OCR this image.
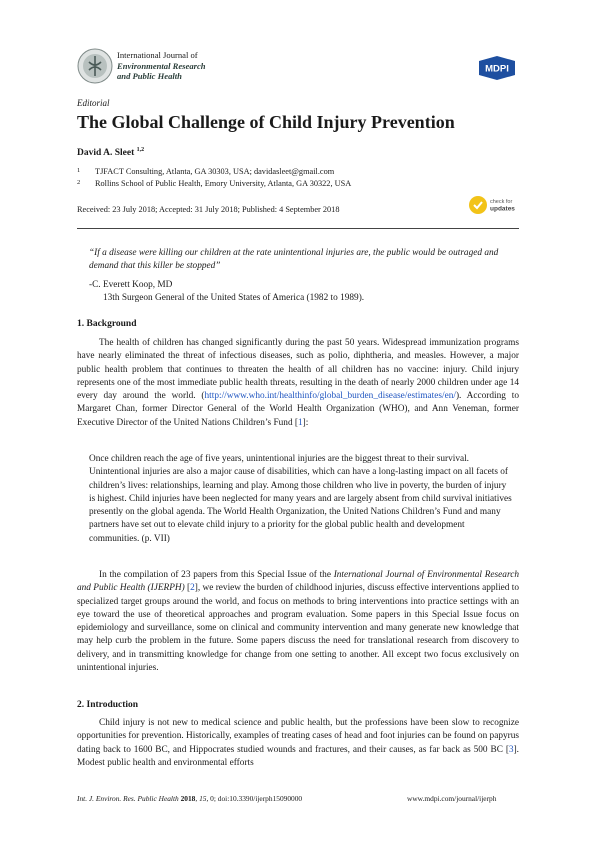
International Journal of
Environmental Research
and Public Health
MDPI
Editorial
The Global Challenge of Child Injury Prevention
David A. Sleet $^{1,2}$
1 TJFACT Consulting, Atlanta, GA 30303, USA; davidasleet@gmail.com
2 Rollins School of Public Health, Emory University, Atlanta, GA 30322, USA
Received: 23 July 2018; Accepted: 31 July 2018; Published: 4 September 2018
check for
updates
“If a disease were killing our children at the rate unintentional injuries are, the public would be outraged and demand that this killer be stopped”
-C. Everett Koop, MD
13th Surgeon General of the United States of America (1982 to 1989).
1. Background
The health of children has changed significantly during the past 50 years. Widespread immunization programs have nearly eliminated the threat of infectious diseases, such as polio, diphtheria, and measles. However, a major public health problem that continues to threaten the health of all children has no vaccine: injury. Child injury represents one of the most immediate public health threats, resulting in the death of nearly 2000 children under age 14 every day around the world. (http://www.who.int/healthinfo/global_burden_disease/estimates/en/). According to Margaret Chan, former Director General of the World Health Organization (WHO), and Ann Veneman, former Executive Director of the United Nations Children’s Fund [1]:
Once children reach the age of five years, unintentional injuries are the biggest threat to their survival. Unintentional injuries are also a major cause of disabilities, which can have a long-lasting impact on all facets of children’s lives: relationships, learning and play. Among those children who live in poverty, the burden of injury is highest. Child injuries have been neglected for many years and are largely absent from child survival initiatives presently on the global agenda. The World Health Organization, the United Nations Children’s Fund and many partners have set out to elevate child injury to a priority for the global public health and development communities. (p. VII)
In the compilation of 23 papers from this Special Issue of the International Journal of Environmental Research and Public Health (IJERPH) [2], we review the burden of childhood injuries, discuss effective interventions applied to specialized target groups around the world, and focus on methods to bring interventions into practice settings with an eye toward the use of theoretical approaches and program evaluation. Some papers in this Special Issue focus on epidemiology and surveillance, some on clinical and community intervention and many generate new knowledge that may help curb the problem in the future. Some papers discuss the need for translational research from discovery to delivery, and in transmitting knowledge for change from one setting to another. All except two focus exclusively on unintentional injuries.
2. Introduction
Child injury is not new to medical science and public health, but the professions have been slow to recognize opportunities for prevention. Historically, examples of treating cases of head and foot injuries can be found on papyrus dating back to 1600 BC, and Hippocrates studied wounds and fractures, and their causes, as far back as 500 BC [3]. Modest public health and environmental efforts
Int. J. Environ. Res. Public Health 2018, 15, 0; doi:10.3390/ijerph15090000	www.mdpi.com/journal/ijerph
